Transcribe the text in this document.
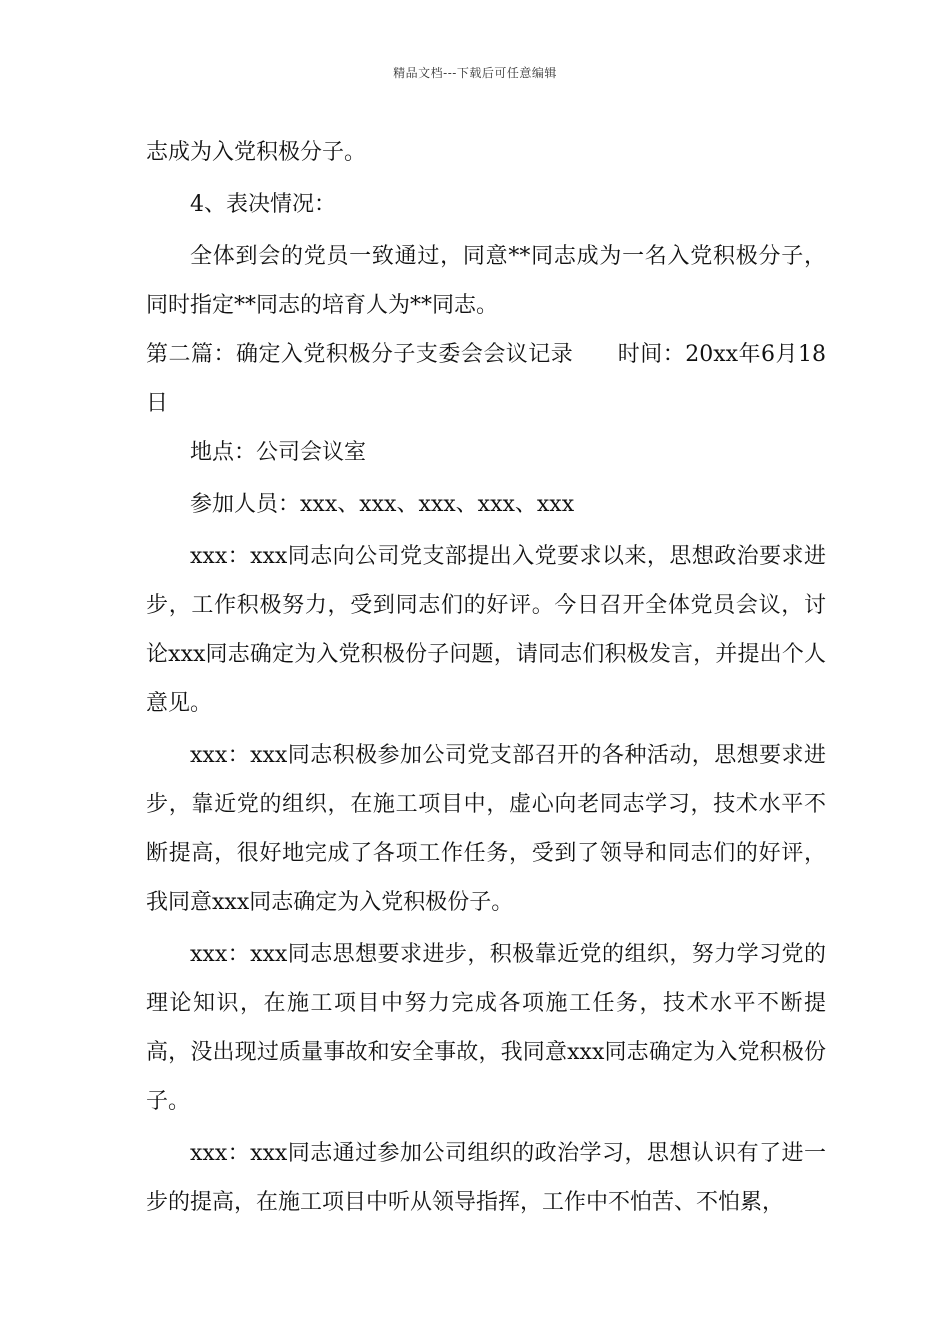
精品文档---下载后可任意编辑

志成为入党积极分子。

4、表决情况：

全体到会的党员一致通过，同意**同志成为一名入党积极分子，同时指定**同志的培育人为**同志。

第二篇：确定入党积极分子支委会会议记录 时间：20xx年6月18日

地点：公司会议室

参加人员：xxx、xxx、xxx、xxx、xxx

xxx：xxx同志向公司党支部提出入党要求以来，思想政治要求进步，工作积极努力，受到同志们的好评。今日召开全体党员会议，讨论xxx同志确定为入党积极份子问题，请同志们积极发言，并提出个人意见。

xxx：xxx同志积极参加公司党支部召开的各种活动，思想要求进步，靠近党的组织，在施工项目中，虚心向老同志学习，技术水平不断提高，很好地完成了各项工作任务，受到了领导和同志们的好评，我同意xxx同志确定为入党积极份子。

xxx：xxx同志思想要求进步，积极靠近党的组织，努力学习党的理论知识，在施工项目中努力完成各项施工任务，技术水平不断提高，没出现过质量事故和安全事故，我同意xxx同志确定为入党积极份子。

xxx：xxx同志通过参加公司组织的政治学习，思想认识有了进一步的提高，在施工项目中听从领导指挥，工作中不怕苦、不怕累，
